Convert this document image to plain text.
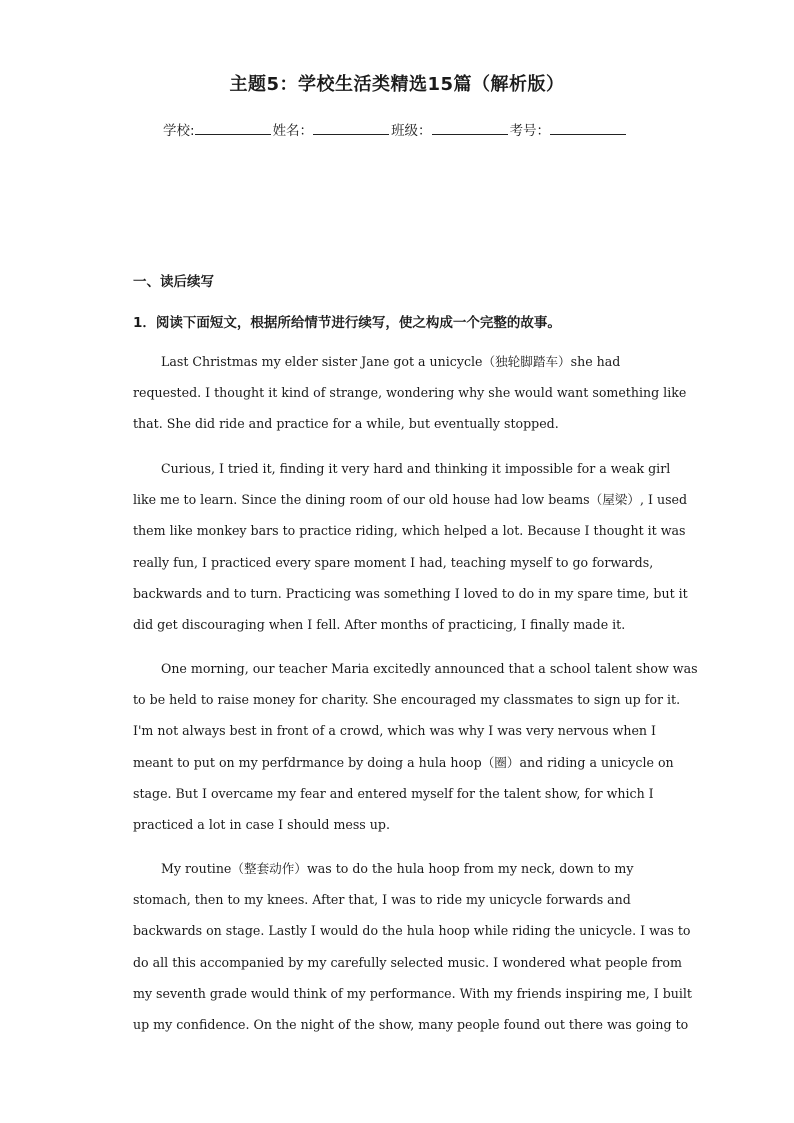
主题5：学校生活类精选15篇（解析版）
学校:	姓名：	班级：	考号：
一、读后续写
1．阅读下面短文，根据所给情节进行续写，使之构成一个完整的故事。
Last Christmas my elder sister Jane got a unicycle（独轮脚踏车）she had
requested. I thought it kind of strange, wondering why she would want something like
that. She did ride and practice for a while, but eventually stopped.
Curious, I tried it, finding it very hard and thinking it impossible for a weak girl
like me to learn. Since the dining room of our old house had low beams（屋梁）, I used
them like monkey bars to practice riding, which helped a lot. Because I thought it was
really fun, I practiced every spare moment I had, teaching myself to go forwards,
backwards and to turn. Practicing was something I loved to do in my spare time, but it
did get discouraging when I fell. After months of practicing, I finally made it.
One morning, our teacher Maria excitedly announced that a school talent show was
to be held to raise money for charity. She encouraged my classmates to sign up for it.
I'm not always best in front of a crowd, which was why I was very nervous when I
meant to put on my perfdrmance by doing a hula hoop（圈）and riding a unicycle on
stage. But I overcame my fear and entered myself for the talent show, for which I
practiced a lot in case I should mess up.
My routine（整套动作）was to do the hula hoop from my neck, down to my
stomach, then to my knees. After that, I was to ride my unicycle forwards and
backwards on stage. Lastly I would do the hula hoop while riding the unicycle. I was to
do all this accompanied by my carefully selected music. I wondered what people from
my seventh grade would think of my performance. With my friends inspiring me, I built
up my confidence. On the night of the show, many people found out there was going to
